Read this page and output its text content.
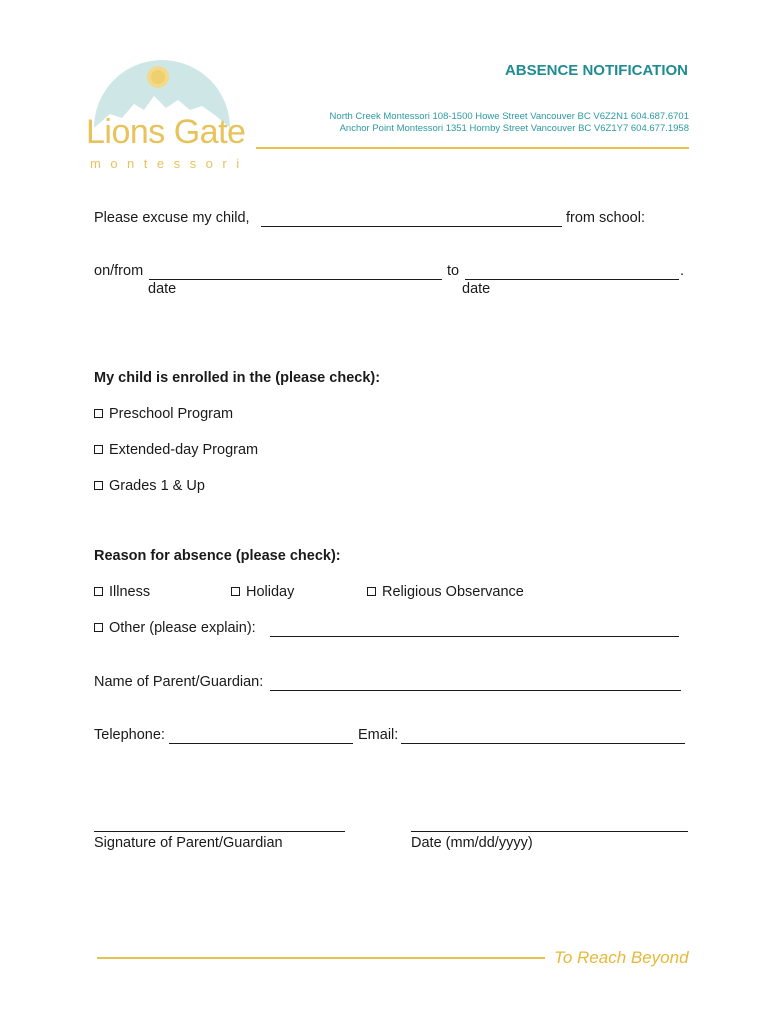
Lions Gate
montessori
ABSENCE NOTIFICATION
North Creek Montessori 108-1500 Howe Street Vancouver BC V6Z2N1 604.687.6701
Anchor Point Montessori 1351 Hornby Street Vancouver BC V6Z1Y7 604.677.1958
Please excuse my child,	from school:
on/from	to	.
date	date
My child is enrolled in the (please check):
Preschool Program
Extended-day Program
Grades 1 & Up
Reason for absence (please check):
Illness	Holiday	Religious Observance
Other (please explain):
Name of Parent/Guardian:
Telephone:	Email:
Signature of Parent/Guardian	Date (mm/dd/yyyy)
To Reach Beyond
